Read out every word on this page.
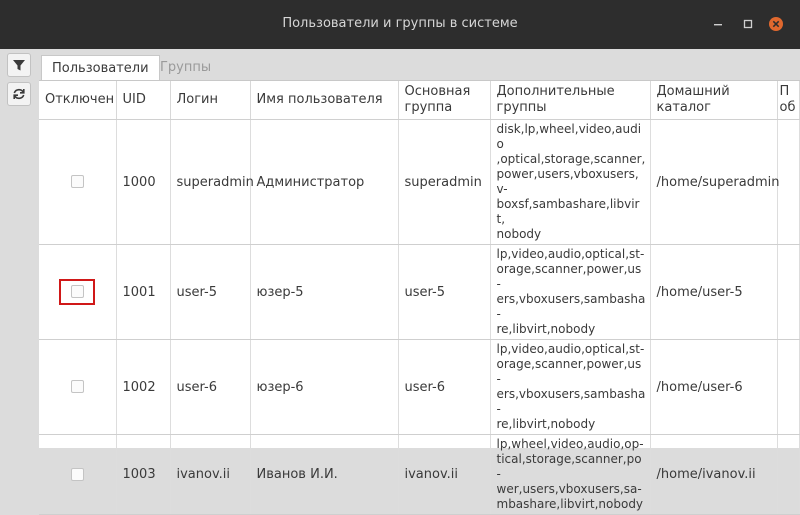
Пользователи и группы в системе
Пользователи Группы
Отключен	UID	Логин	Имя пользователя	Основная группа	Дополнительные группы	Домашний каталог	П об
	1000	superadmin	Администратор	superadmin	disk,lp,wheel,video,audio
,optical,storage,scanner,
power,users,vboxusers,v-
boxsf,sambashare,libvirt,
nobody	/home/superadmin	
	1001	user-5	юзер-5	user-5	lp,video,audio,optical,st-
orage,scanner,power,us-
ers,vboxusers,sambasha-
re,libvirt,nobody	/home/user-5	
	1002	user-6	юзер-6	user-6	lp,video,audio,optical,st-
orage,scanner,power,us-
ers,vboxusers,sambasha-
re,libvirt,nobody	/home/user-6	
	1003	ivanov.ii	Иванов И.И.	ivanov.ii	lp,wheel,video,audio,op-
tical,storage,scanner,po-
wer,users,vboxusers,sa-
mbashare,libvirt,nobody	/home/ivanov.ii	
